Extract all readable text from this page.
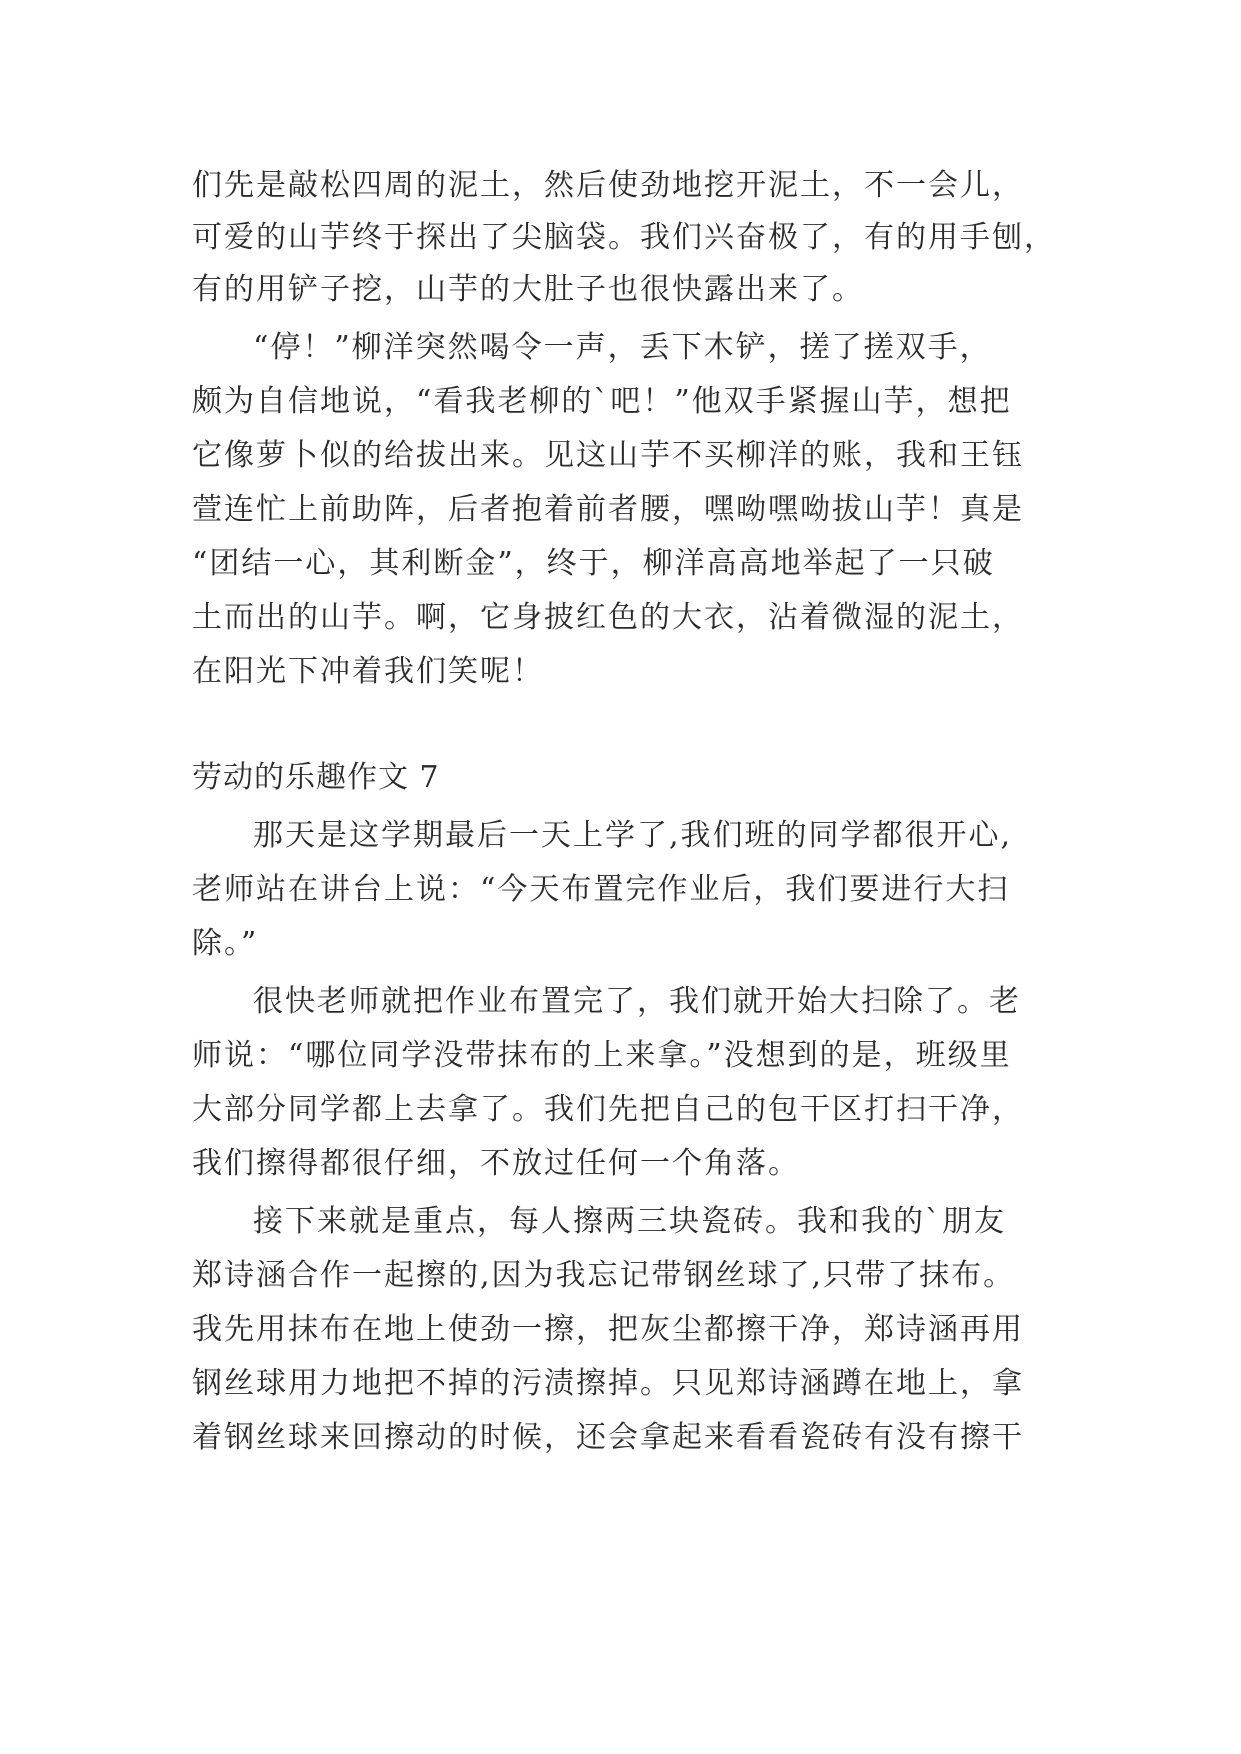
们先是敲松四周的泥土，然后使劲地挖开泥土，不一会儿，
可爱的山芋终于探出了尖脑袋。我们兴奋极了，有的用手刨，
有的用铲子挖，山芋的大肚子也很快露出来了。
“停！”柳洋突然喝令一声，丢下木铲，搓了搓双手，
颇为自信地说，“看我老柳的`吧！”他双手紧握山芋，想把
它像萝卜似的给拔出来。见这山芋不买柳洋的账，我和王钰
萱连忙上前助阵，后者抱着前者腰，嘿呦嘿呦拔山芋！真是
“团结一心，其利断金”，终于，柳洋高高地举起了一只破
土而出的山芋。啊，它身披红色的大衣，沾着微湿的泥土，
在阳光下冲着我们笑呢！
劳动的乐趣作文 7
那天是这学期最后一天上学了,我们班的同学都很开心,
老师站在讲台上说：“今天布置完作业后，我们要进行大扫
除。”
很快老师就把作业布置完了，我们就开始大扫除了。老
师说：“哪位同学没带抹布的上来拿。”没想到的是，班级里
大部分同学都上去拿了。我们先把自己的包干区打扫干净，
我们擦得都很仔细，不放过任何一个角落。
接下来就是重点，每人擦两三块瓷砖。我和我的`朋友
郑诗涵合作一起擦的,因为我忘记带钢丝球了,只带了抹布。
我先用抹布在地上使劲一擦，把灰尘都擦干净，郑诗涵再用
钢丝球用力地把不掉的污渍擦掉。只见郑诗涵蹲在地上，拿
着钢丝球来回擦动的时候，还会拿起来看看瓷砖有没有擦干
